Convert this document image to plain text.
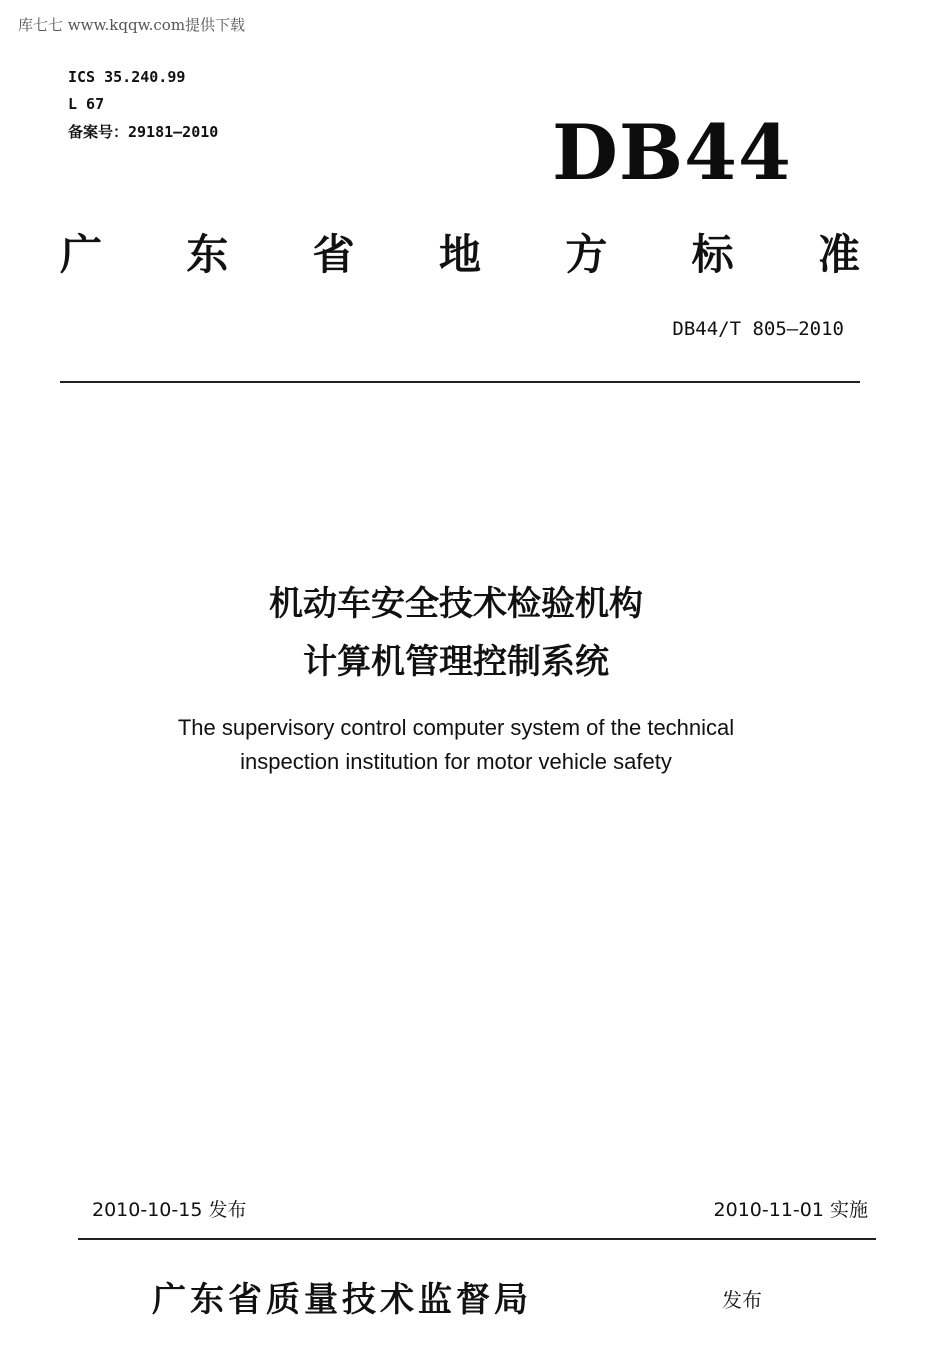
库七七 www.kqqw.com提供下载
ICS 35.240.99
L 67
备案号：29181—2010	DB44
广 东 省 地 方 标 准
DB44/T 805—2010
机动车安全技术检验机构
计算机管理控制系统
The supervisory control computer system of the technical
inspection institution for motor vehicle safety
2010-10-15 发布	2010-11-01 实施
广东省质量技术监督局	发布
